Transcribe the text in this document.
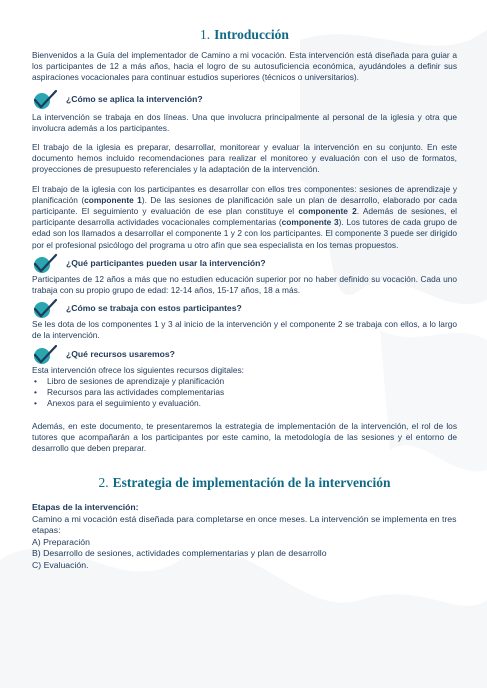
1. Introducción

Bienvenidos a la Guía del implementador de Camino a mi vocación. Esta intervención está diseñada para guiar a los participantes de 12 a más años, hacia el logro de su autosuficiencia económica, ayudándoles a definir sus aspiraciones vocacionales para continuar estudios superiores (técnicos o universitarios).

¿Cómo se aplica la intervención?

La intervención se trabaja en dos líneas. Una que involucra principalmente al personal de la iglesia y otra que involucra además a los participantes.

El trabajo de la iglesia es preparar, desarrollar, monitorear y evaluar la intervención en su conjunto. En este documento hemos incluido recomendaciones para realizar el monitoreo y evaluación con el uso de formatos, proyecciones de presupuesto referenciales y la adaptación de la intervención.

El trabajo de la iglesia con los participantes es desarrollar con ellos tres componentes: sesiones de aprendizaje y planificación (componente 1). De las sesiones de planificación sale un plan de desarrollo, elaborado por cada participante. El seguimiento y evaluación de ese plan constituye el componente 2. Además de sesiones, el participante desarrolla actividades vocacionales complementarias (componente 3). Los tutores de cada grupo de edad son los llamados a desarrollar el componente 1 y 2 con los participantes. El componente 3 puede ser dirigido por el profesional psicólogo del programa u otro afín que sea especialista en los temas propuestos.

¿Qué participantes pueden usar la intervención?

Participantes de 12 años a más que no estudien educación superior por no haber definido su vocación. Cada uno trabaja con su propio grupo de edad: 12-14 años, 15-17 años, 18 a más.

¿Cómo se trabaja con estos participantes?

Se les dota de los componentes 1 y 3 al inicio de la intervención y el componente 2 se trabaja con ellos, a lo largo de la intervención.

¿Qué recursos usaremos?

Esta intervención ofrece los siguientes recursos digitales:

• Libro de sesiones de aprendizaje y planificación
• Recursos para las actividades complementarias
• Anexos para el seguimiento y evaluación.

Además, en este documento, te presentaremos la estrategia de implementación de la intervención, el rol de los tutores que acompañarán a los participantes por este camino, la metodología de las sesiones y el entorno de desarrollo que deben preparar.

2. Estrategia de implementación de la intervención

Etapas de la intervención:

Camino a mi vocación está diseñada para completarse en once meses. La intervención se implementa en tres etapas:

A) Preparación

B) Desarrollo de sesiones, actividades complementarias y plan de desarrollo

C) Evaluación.
